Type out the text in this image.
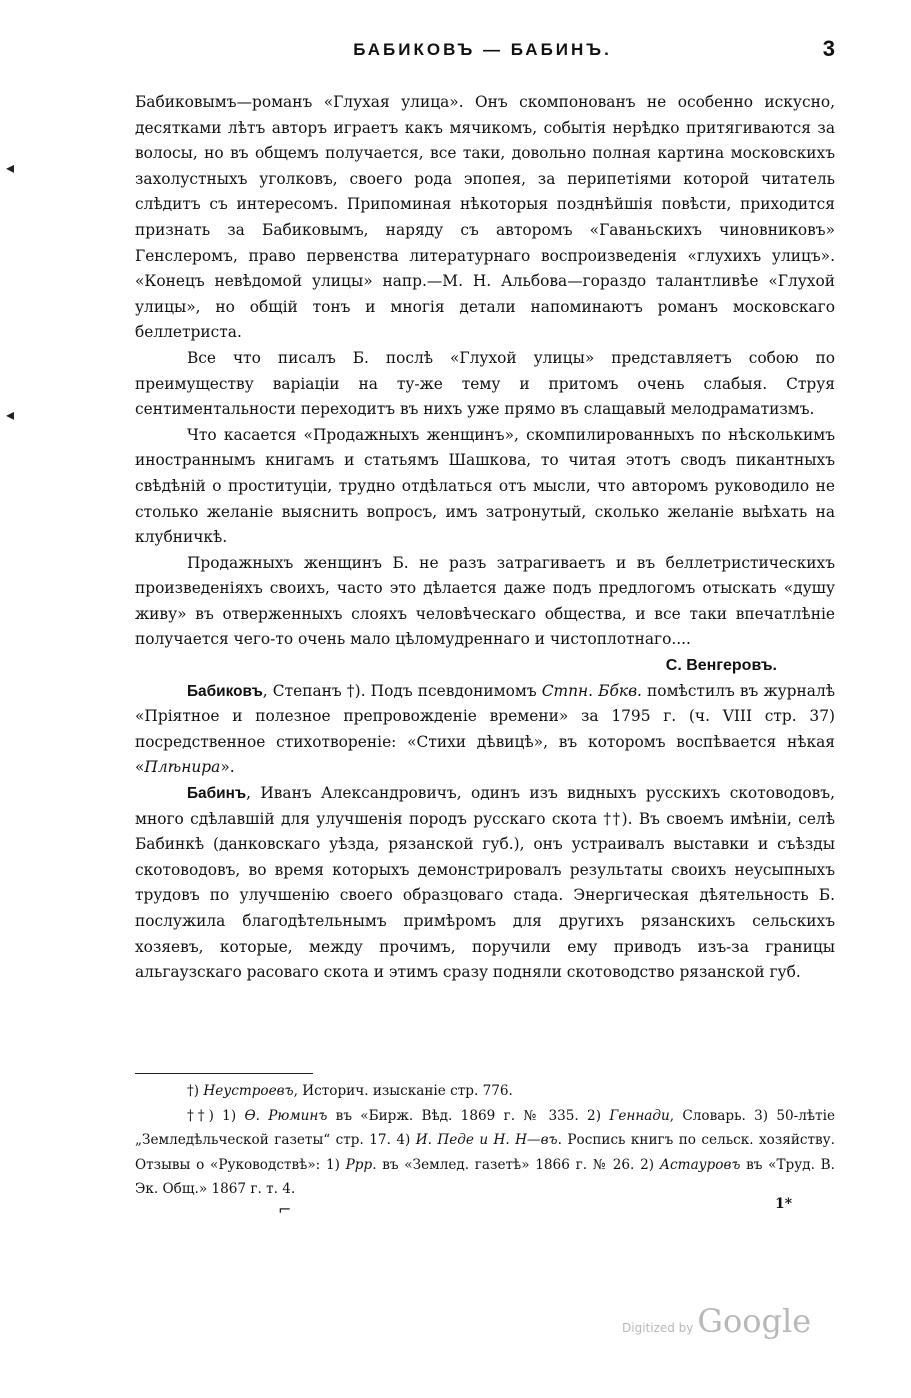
БАБИКОВЪ — БАБИНЪ.	3

Бабиковымъ—романъ «Глухая улица». Онъ скомпонованъ не особенно искусно, десятками лѣтъ авторъ играетъ какъ мячикомъ, событія нерѣдко притягиваются за волосы, но въ общемъ получается, все таки, довольно полная картина московскихъ захолустныхъ уголковъ, своего рода эпопея, за перипетіями которой читатель слѣдитъ съ интересомъ. Припоминая нѣкоторыя позднѣйшія повѣсти, приходится признать за Бабиковымъ, наряду съ авторомъ «Гаваньскихъ чиновниковъ» Генслеромъ, право первенства литературнаго воспроизведенія «глухихъ улицъ». «Конецъ невѣдомой улицы» напр.—М. Н. Альбова—гораздо талантливѣе «Глухой улицы», но общій тонъ и многія детали напоминаютъ романъ московскаго беллетриста.

Все что писалъ Б. послѣ «Глухой улицы» представляетъ собою по преимуществу варіаціи на ту-же тему и притомъ очень слабыя. Струя сентиментальности переходитъ въ нихъ уже прямо въ слащавый мелодраматизмъ.

Что касается «Продажныхъ женщинъ», скомпилированныхъ по нѣсколькимъ иностраннымъ книгамъ и статьямъ Шашкова, то читая этотъ сводъ пикантныхъ свѣдѣній о проституціи, трудно отдѣлаться отъ мысли, что авторомъ руководило не столько желаніе выяснить вопросъ, имъ затронутый, сколько желаніе выѣхать на клубничкѣ.

Продажныхъ женщинъ Б. не разъ затрагиваетъ и въ беллетристическихъ произведеніяхъ своихъ, часто это дѣлается даже подъ предлогомъ отыскать «душу живу» въ отверженныхъ слояхъ человѣческаго общества, и все таки впечатлѣніе получается чего-то очень мало цѣломудреннаго и чистоплотнаго....

С. Венгеровъ.

Бабиковъ, Степанъ †). Подъ псевдонимомъ Стпн. Ббкв. помѣстилъ въ журналѣ «Пріятное и полезное препровожденіе времени» за 1795 г. (ч. VIII стр. 37) посредственное стихотвореніе: «Стихи дѣвицѣ», въ которомъ воспѣвается нѣкая «Плѣнира».

Бабинъ, Иванъ Александровичъ, одинъ изъ видныхъ русскихъ скотоводовъ, много сдѣлавшій для улучшенія породъ русскаго скота ††). Въ своемъ имѣніи, селѣ Бабинкѣ (данковскаго уѣзда, рязанской губ.), онъ устраивалъ выставки и съѣзды скотоводовъ, во время которыхъ демонстрировалъ результаты своихъ неусыпныхъ трудовъ по улучшенію своего образцоваго стада. Энергическая дѣятельность Б. послужила благодѣтельнымъ примѣромъ для другихъ рязанскихъ сельскихъ хозяевъ, которые, между прочимъ, поручили ему приводъ изъ-за границы альгаузскаго расоваго скота и этимъ сразу подняли скотоводство рязанской губ.

†) Неустроевъ, Историч. изысканіе стр. 776.

††) 1) Ѳ. Рюминъ въ «Бирж. Вѣд. 1869 г. № 335. 2) Геннади, Словарь. 3) 50-лѣтіе „Земледѣльческой газеты“ стр. 17. 4) И. Педе и Н. Н—въ. Роспись книгъ по сельск. хозяйству. Отзывы о «Руководствѣ»: 1) Ррр. въ «Землед. газетѣ» 1866 г. № 26. 2) Астауровъ въ «Труд. В. Эк. Общ.» 1867 г. т. 4.

1*
◂
◂
⌐
Digitized by Google
